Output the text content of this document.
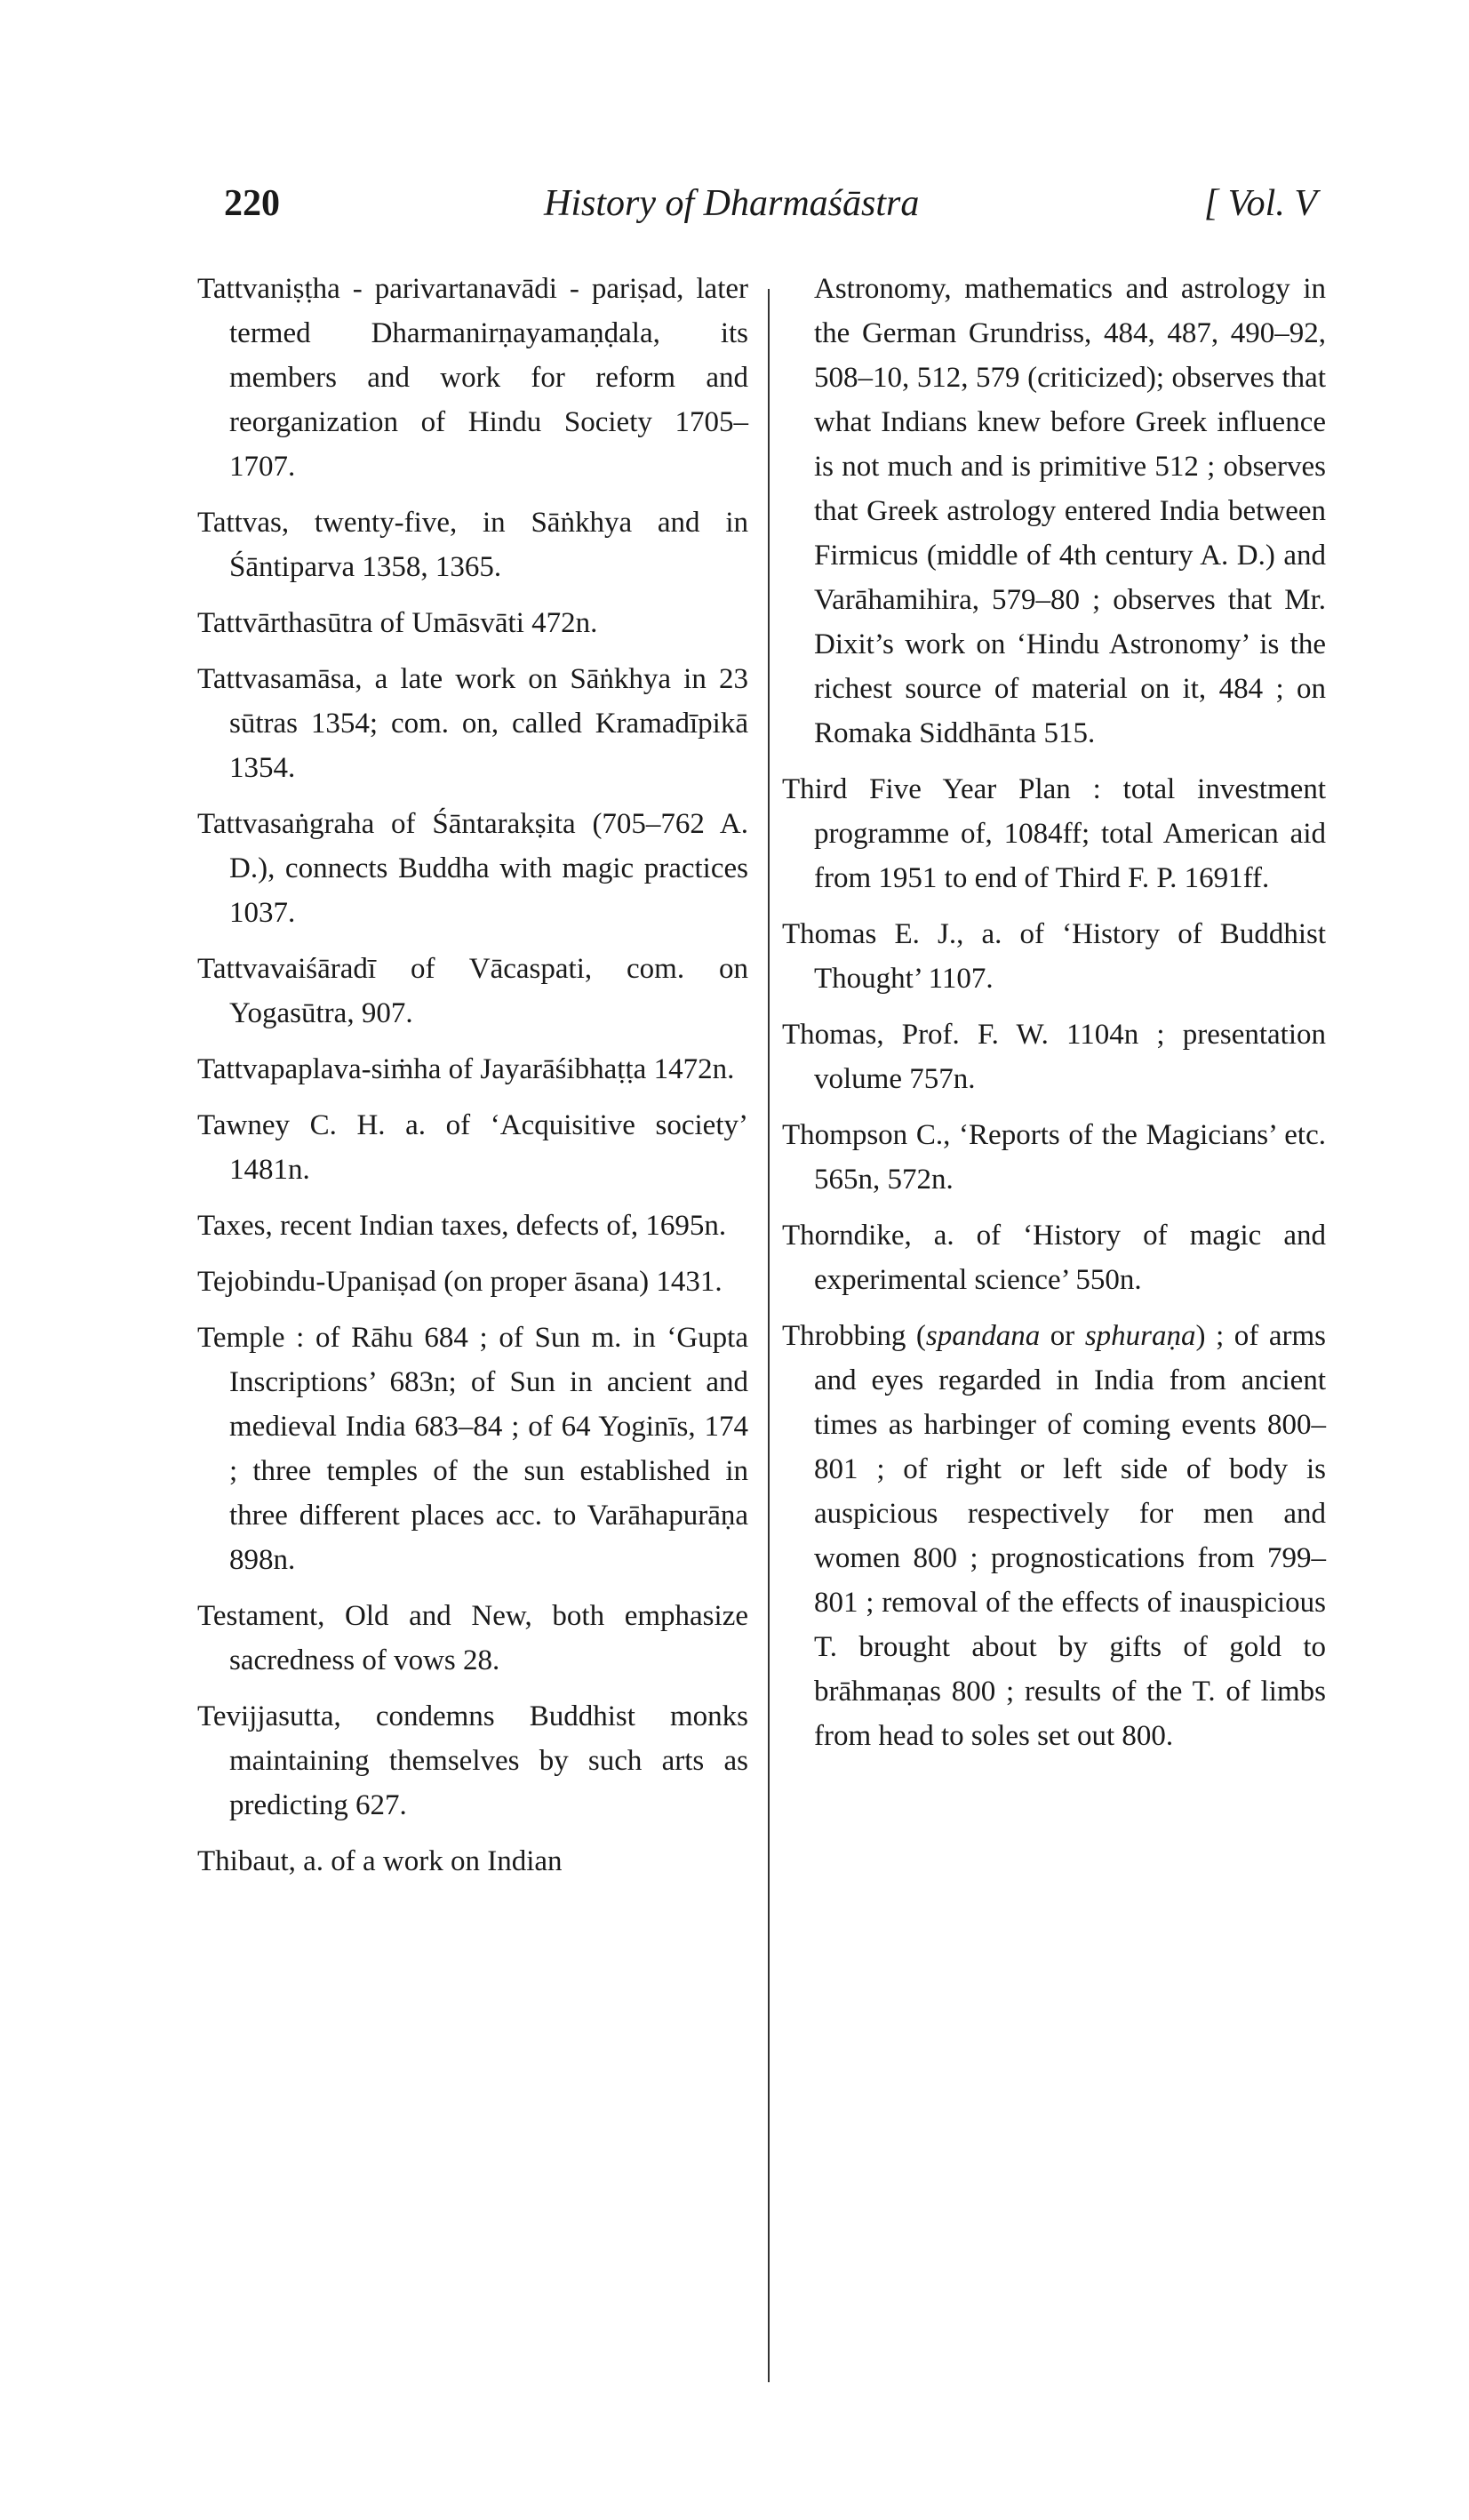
220	History of Dharmaśāstra	[ Vol. V

Tattvaniṣṭha - parivartanavādi - pariṣad, later termed Dharmanirṇayamaṇḍala, its members and work for reform and reorganization of Hindu Society 1705–1707.

Tattvas, twenty-five, in Sāṅkhya and in Śāntiparva 1358, 1365.

Tattvārthasūtra of Umāsvāti 472n.

Tattvasamāsa, a late work on Sāṅkhya in 23 sūtras 1354; com. on, called Kramadīpikā 1354.

Tattvasaṅgraha of Śāntarakṣita (705–762 A. D.), connects Buddha with magic practices 1037.

Tattvavaiśāradī of Vācaspati, com. on Yogasūtra, 907.

Tattvapaplava-siṁha of Jayarāśibhaṭṭa 1472n.

Tawney C. H. a. of ‘Acquisitive society’ 1481n.

Taxes, recent Indian taxes, defects of, 1695n.

Tejobindu-Upaniṣad (on proper āsana) 1431.

Temple : of Rāhu 684 ; of Sun m. in ‘Gupta Inscriptions’ 683n; of Sun in ancient and medieval India 683–84 ; of 64 Yoginīs, 174 ; three temples of the sun established in three different places acc. to Varāhapurāṇa 898n.

Testament, Old and New, both emphasize sacredness of vows 28.

Tevijjasutta, condemns Buddhist monks maintaining themselves by such arts as predicting 627.

Thibaut, a. of a work on Indian

Astronomy, mathematics and astrology in the German Grundriss, 484, 487, 490–92, 508–10, 512, 579 (criticized); observes that what Indians knew before Greek influence is not much and is primitive 512 ; observes that Greek astrology entered India between Firmicus (middle of 4th century A. D.) and Varāhamihira, 579–80 ; observes that Mr. Dixit’s work on ‘Hindu Astronomy’ is the richest source of material on it, 484 ; on Romaka Siddhānta 515.

Third Five Year Plan : total investment programme of, 1084ff; total American aid from 1951 to end of Third F. P. 1691ff.

Thomas E. J., a. of ‘History of Buddhist Thought’ 1107.

Thomas, Prof. F. W. 1104n ; presentation volume 757n.

Thompson C., ‘Reports of the Magicians’ etc. 565n, 572n.

Thorndike, a. of ‘History of magic and experimental science’ 550n.

Throbbing (spandana or sphuraṇa) ; of arms and eyes regarded in India from ancient times as harbinger of coming events 800–801 ; of right or left side of body is auspicious respectively for men and women 800 ; prognostications from 799–801 ; removal of the effects of inauspicious T. brought about by gifts of gold to brāhmaṇas 800 ; results of the T. of limbs from head to soles set out 800.
